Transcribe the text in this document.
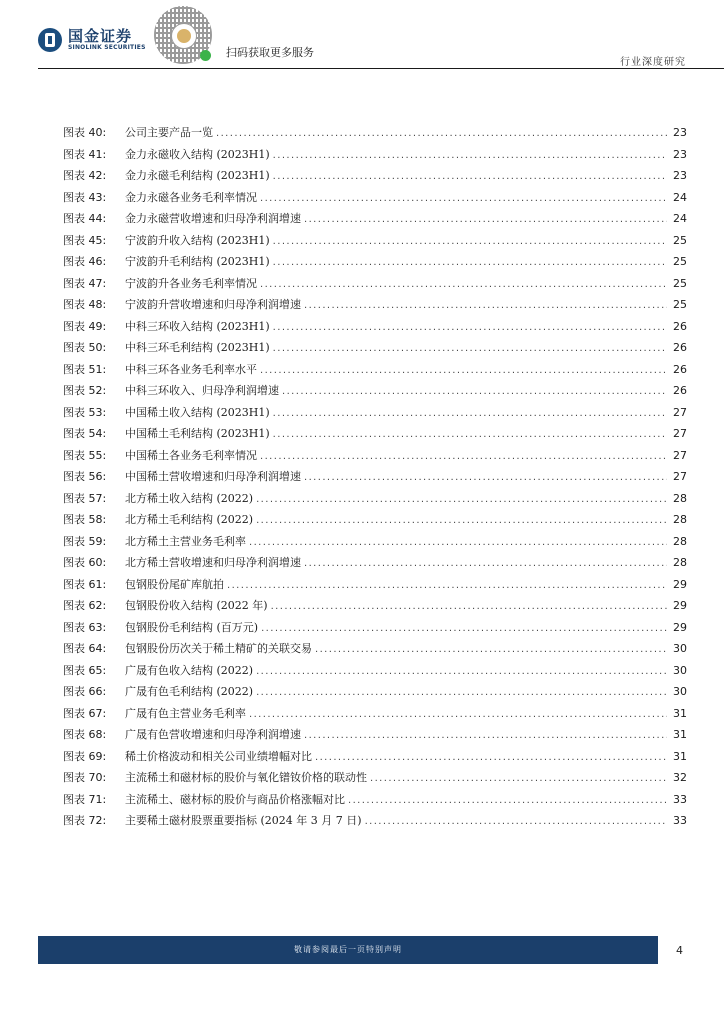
国金证券
SINOLINK SECURITIES	扫码获取更多服务
行业深度研究
图表 40:	公司主要产品一览 .....	23
图表 41:	金力永磁收入结构 (2023H1) .....	23
图表 42:	金力永磁毛利结构 (2023H1) .....	23
图表 43:	金力永磁各业务毛利率情况 .....	24
图表 44:	金力永磁营收增速和归母净利润增速 .....	24
图表 45:	宁波韵升收入结构 (2023H1) .....	25
图表 46:	宁波韵升毛利结构 (2023H1) .....	25
图表 47:	宁波韵升各业务毛利率情况 .....	25
图表 48:	宁波韵升营收增速和归母净利润增速 .....	25
图表 49:	中科三环收入结构 (2023H1) .....	26
图表 50:	中科三环毛利结构 (2023H1) .....	26
图表 51:	中科三环各业务毛利率水平 .....	26
图表 52:	中科三环收入、归母净利润增速 .....	26
图表 53:	中国稀土收入结构 (2023H1) .....	27
图表 54:	中国稀土毛利结构 (2023H1) .....	27
图表 55:	中国稀土各业务毛利率情况 .....	27
图表 56:	中国稀土营收增速和归母净利润增速 .....	27
图表 57:	北方稀土收入结构 (2022) .....	28
图表 58:	北方稀土毛利结构 (2022) .....	28
图表 59:	北方稀土主营业务毛利率 .....	28
图表 60:	北方稀土营收增速和归母净利润增速 .....	28
图表 61:	包钢股份尾矿库航拍 .....	29
图表 62:	包钢股份收入结构 (2022 年) .....	29
图表 63:	包钢股份毛利结构 (百万元) .....	29
图表 64:	包钢股份历次关于稀土精矿的关联交易 .....	30
图表 65:	广晟有色收入结构 (2022) .....	30
图表 66:	广晟有色毛利结构 (2022) .....	30
图表 67:	广晟有色主营业务毛利率 .....	31
图表 68:	广晟有色营收增速和归母净利润增速 .....	31
图表 69:	稀土价格波动和相关公司业绩增幅对比 .....	31
图表 70:	主流稀土和磁材标的股价与氧化镨钕价格的联动性 .....	32
图表 71:	主流稀土、磁材标的股价与商品价格涨幅对比 .....	33
图表 72:	主要稀土磁材股票重要指标 (2024 年 3 月 7 日) .....	33
敬请参阅最后一页特别声明	4
